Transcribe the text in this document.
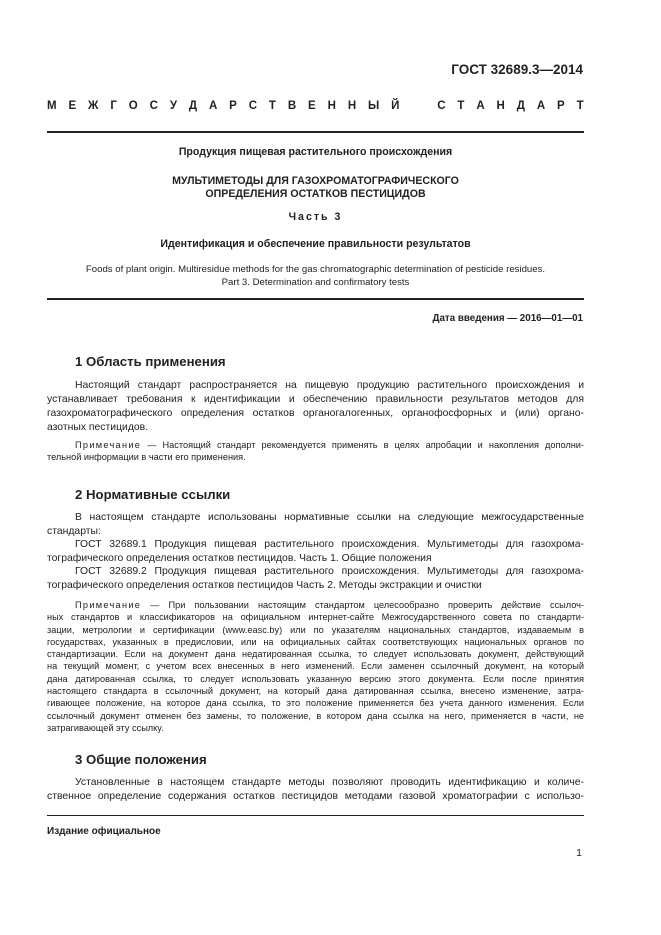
ГОСТ 32689.3—2014
М Е Ж Г О С У Д А Р С Т В Е Н Н Ы Й	С Т А Н Д А Р Т
Продукция пищевая растительного происхождения
МУЛЬТИМЕТОДЫ ДЛЯ ГАЗОХРОМАТОГРАФИЧЕСКОГО
ОПРЕДЕЛЕНИЯ ОСТАТКОВ ПЕСТИЦИДОВ
Часть 3
Идентификация и обеспечение правильности результатов
Foods of plant origin. Multiresidue methods for the gas chromatographic determination of pesticide residues.
Part 3. Determination and confirmatory tests
Дата введения — 2016—01—01
1 Область применения
Настоящий стандарт распространяется на пищевую продукцию растительного происхождения и
устанавливает требования к идентификации и обеспечению правильности результатов методов для
газохроматографического определения остатков органогалогенных, органофосфорных и (или) органо-
азотных пестицидов.
Примечание — Настоящий стандарт рекомендуется применять в целях апробации и накопления дополни-
тельной информации в части его применения.
2 Нормативные ссылки
В настоящем стандарте использованы нормативные ссылки на следующие межгосударственные
стандарты:
ГОСТ 32689.1 Продукция пищевая растительного происхождения. Мультиметоды для газохрома-
тографического определения остатков пестицидов. Часть 1. Общие положения
ГОСТ 32689.2 Продукция пищевая растительного происхождения. Мультиметоды для газохрома-
тографического определения остатков пестицидов Часть 2. Методы экстракции и очистки
Примечание — При пользовании настоящим стандартом целесообразно проверить действие ссылоч-
ных стандартов и классификаторов на официальном интернет-сайте Межгосударственного совета по стандарти-
зации, метрологии и сертификации (www.easc.by) или по указателям национальных стандартов, издаваемым в
государствах, указанных в предисловии, или на официальных сайтах соответствующих национальных органов по
стандартизации. Если на документ дана недатированная ссылка, то следует использовать документ, действующий
на текущий момент, с учетом всех внесенных в него изменений. Если заменен ссылочный документ, на который
дана датированная ссылка, то следует использовать указанную версию этого документа. Если после принятия
настоящего стандарта в ссылочный документ, на который дана датированная ссылка, внесено изменение, затра-
гивающее положение, на которое дана ссылка, то это положение применяется без учета данного изменения. Если
ссылочный документ отменен без замены, то положение, в котором дана ссылка на него, применяется в части, не
затрагивающей эту ссылку.
3 Общие положения
Установленные в настоящем стандарте методы позволяют проводить идентификацию и количе-
ственное определение содержания остатков пестицидов методами газовой хроматографии с использо-
Издание официальное
1
